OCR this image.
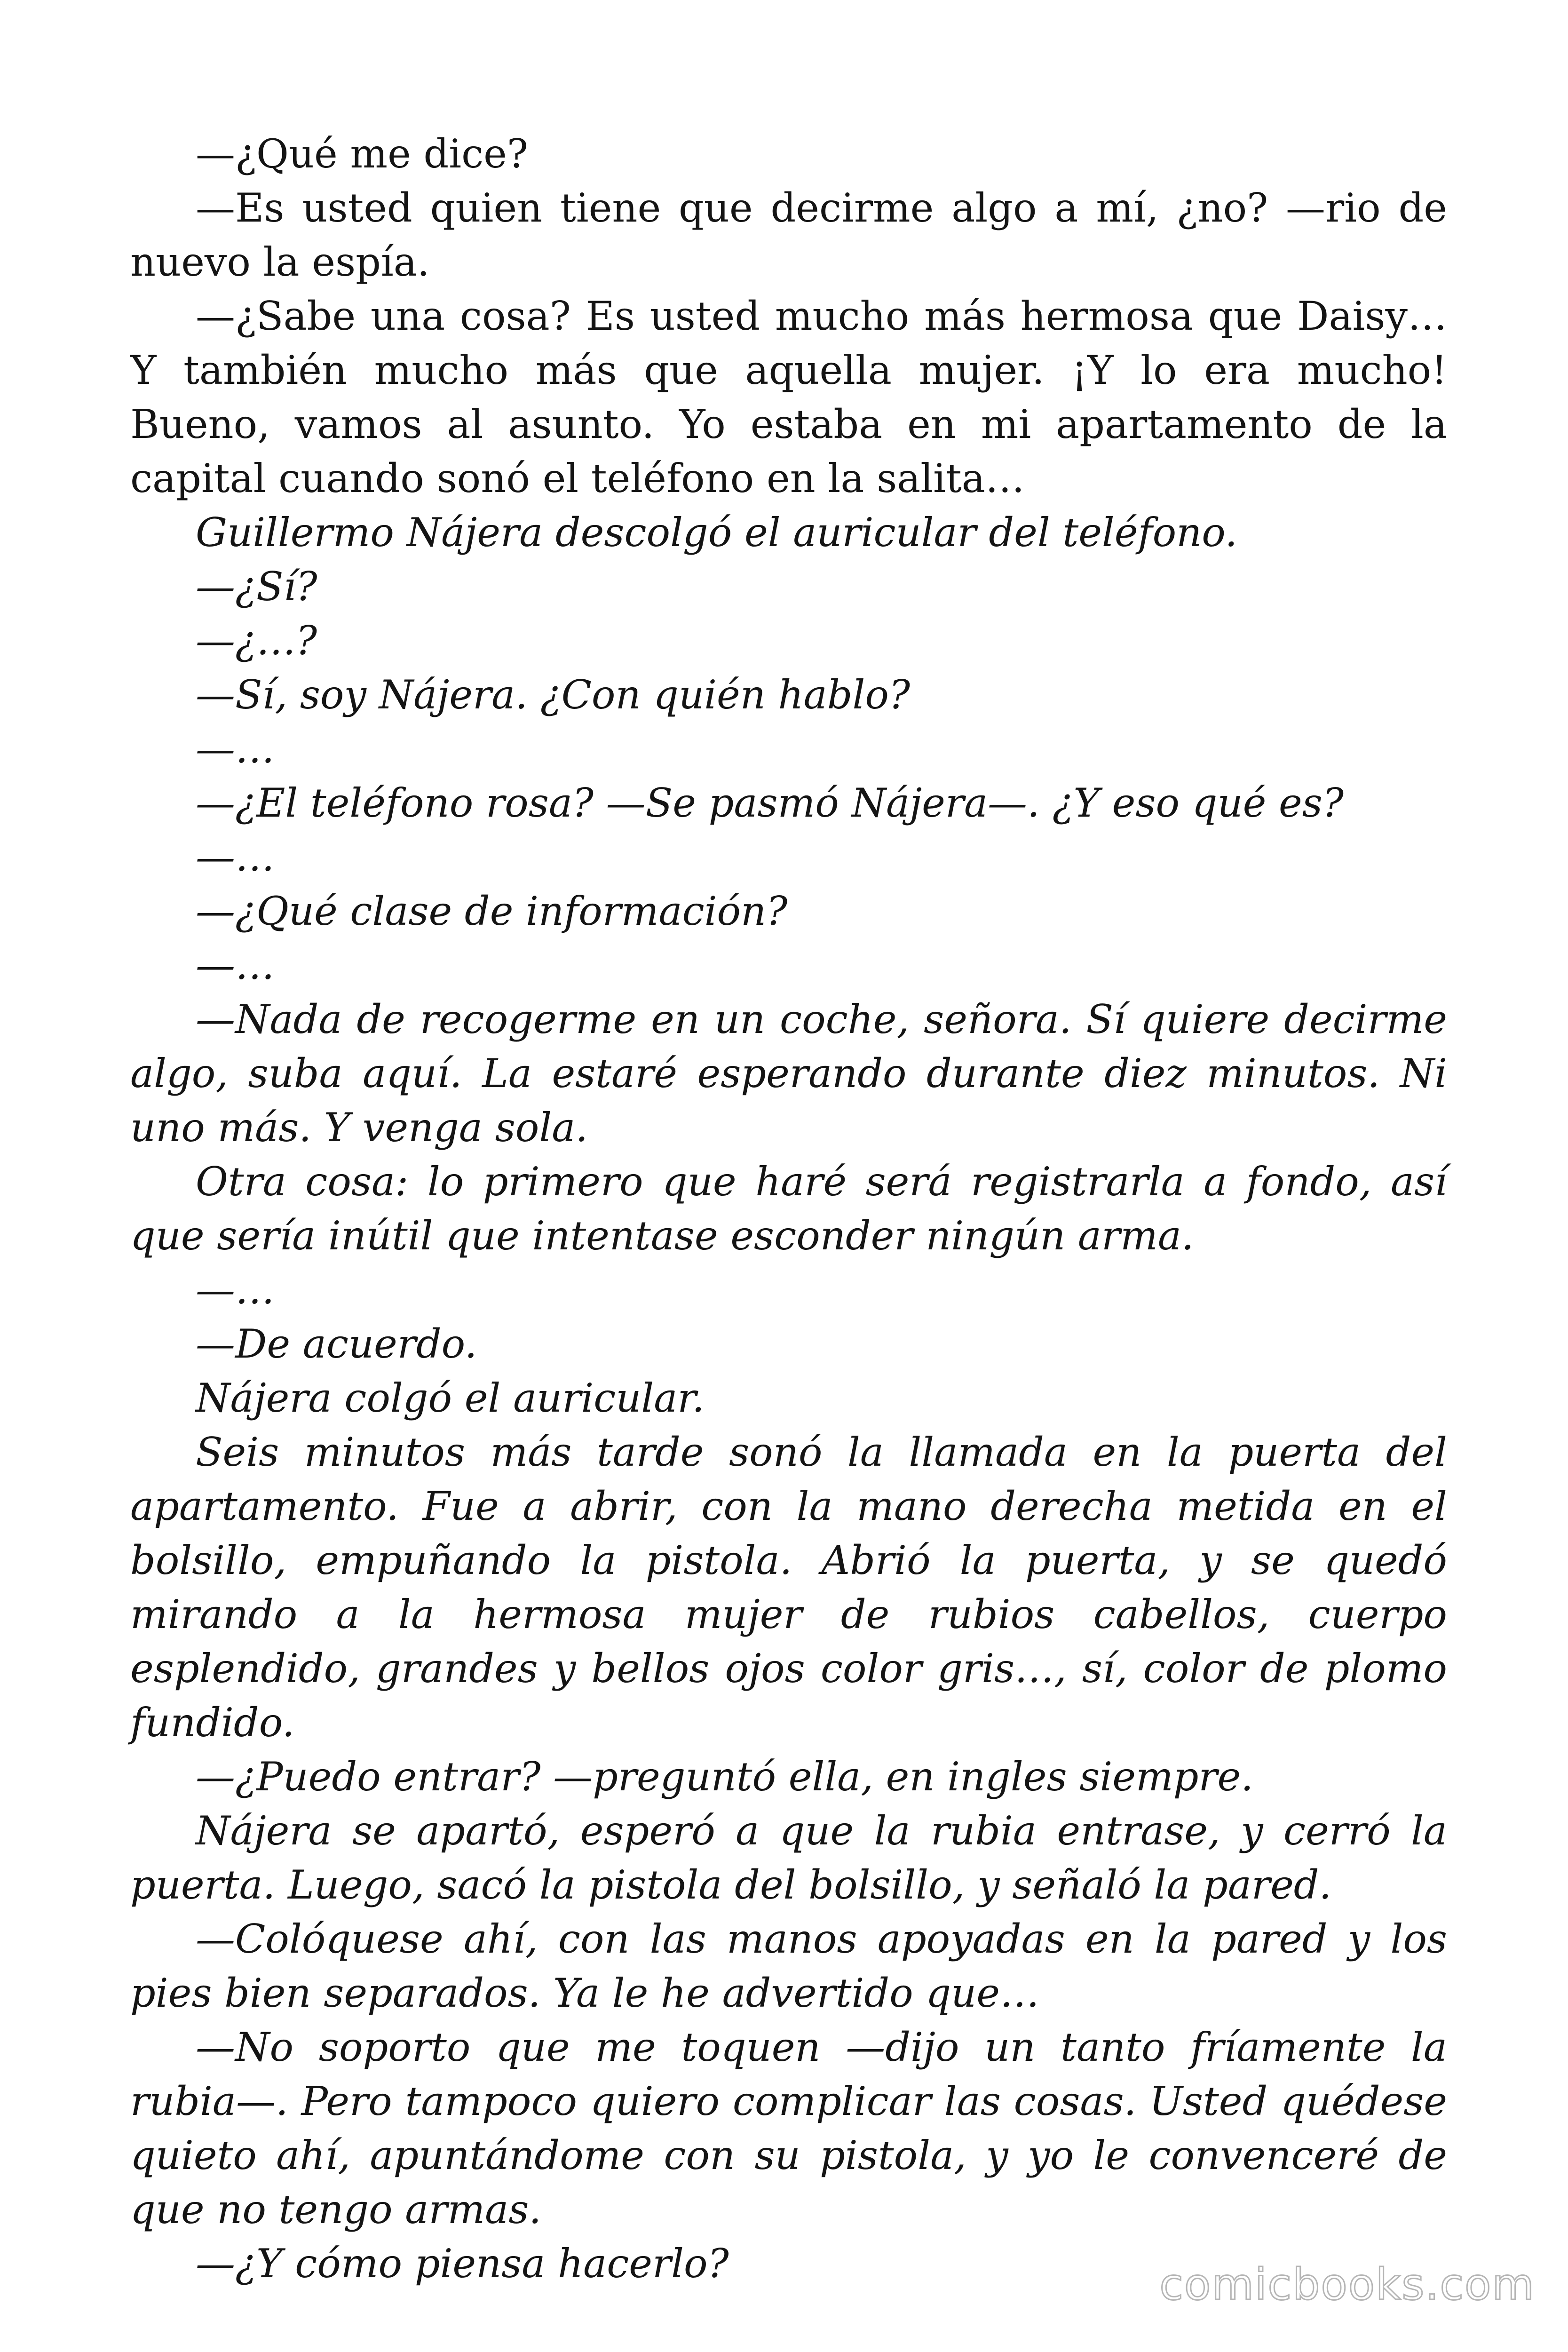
—¿Qué me dice?

—Es usted quien tiene que decirme algo a mí, ¿no? —rio de nuevo la espía.

—¿Sabe una cosa? Es usted mucho más hermosa que Daisy… Y también mucho más que aquella mujer. ¡Y lo era mucho! Bueno, vamos al asunto. Yo estaba en mi apartamento de la capital cuando sonó el teléfono en la salita…

Guillermo Nájera descolgó el auricular del teléfono.

—¿Sí?

—¿…?

—Sí, soy Nájera. ¿Con quién hablo?

—…

—¿El teléfono rosa? —Se pasmó Nájera—. ¿Y eso qué es?

—…

—¿Qué clase de información?

—…

—Nada de recogerme en un coche, señora. Sí quiere decirme algo, suba aquí. La estaré esperando durante diez minutos. Ni uno más. Y venga sola.

Otra cosa: lo primero que haré será registrarla a fondo, así que sería inútil que intentase esconder ningún arma.

—…

—De acuerdo.

Nájera colgó el auricular.

Seis minutos más tarde sonó la llamada en la puerta del apartamento. Fue a abrir, con la mano derecha metida en el bolsillo, empuñando la pistola. Abrió la puerta, y se quedó mirando a la hermosa mujer de rubios cabellos, cuerpo esplendido, grandes y bellos ojos color gris…, sí, color de plomo fundido.

—¿Puedo entrar? —preguntó ella, en ingles siempre.

Nájera se apartó, esperó a que la rubia entrase, y cerró la puerta. Luego, sacó la pistola del bolsillo, y señaló la pared.

—Colóquese ahí, con las manos apoyadas en la pared y los pies bien separados. Ya le he advertido que…

—No soporto que me toquen —dijo un tanto fríamente la rubia—. Pero tampoco quiero complicar las cosas. Usted quédese quieto ahí, apuntándome con su pistola, y yo le convenceré de que no tengo armas.

—¿Y cómo piensa hacerlo?	comicbooks.com
